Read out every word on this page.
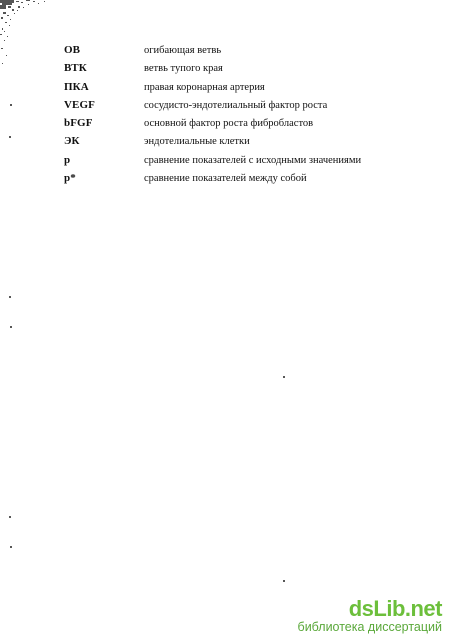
ОВ	огибающая ветвь
ВТК	ветвь тупого края
ПКА	правая коронарная артерия
VEGF	сосудисто-эндотелиальный фактор роста
bFGF	основной фактор роста фибробластов
ЭК	эндотелиальные клетки
p	сравнение показателей с исходными значениями
p*	сравнение показателей между собой
dsLib.net
библиотека диссертаций
